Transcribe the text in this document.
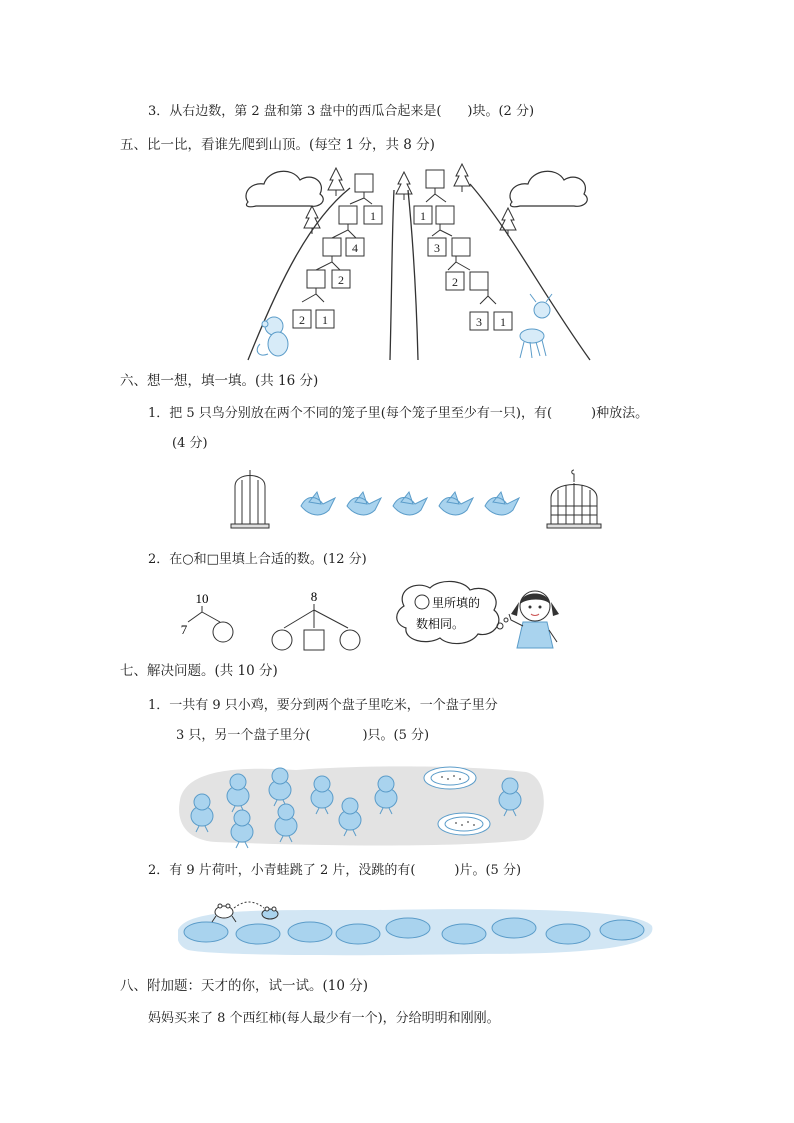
3．从右边数，第 2 盘和第 3 盘中的西瓜合起来是(　　)块。(2 分)
五、比一比，看谁先爬到山顶。(每空 1 分，共 8 分)
1
4
2
2 1
1
3
2
3 1
六、想一想，填一填。(共 16 分)
1．把 5 只鸟分别放在两个不同的笼子里(每个笼子里至少有一只)，有(　　　)种放法。
(4 分)
2．在○和□里填上合适的数。(12 分)
10
7
8	里所填的
数相同。
七、解决问题。(共 10 分)
1．一共有 9 只小鸡，要分到两个盘子里吃米，一个盘子里分
3 只，另一个盘子里分(　　　　)只。(5 分)
2．有 9 片荷叶，小青蛙跳了 2 片，没跳的有(　　　)片。(5 分)
八、附加题：天才的你，试一试。(10 分)
妈妈买来了 8 个西红柿(每人最少有一个)，分给明明和刚刚。
